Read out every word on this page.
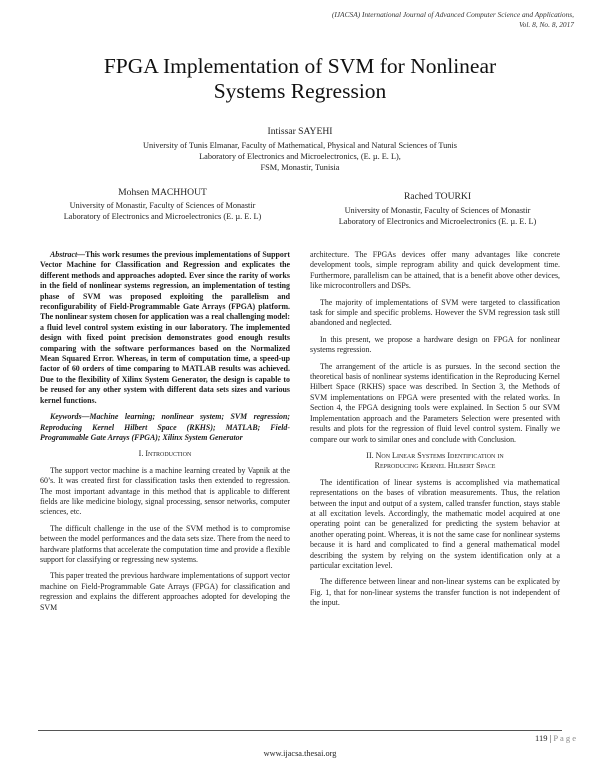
(IJACSA) International Journal of Advanced Computer Science and Applications,
Vol. 8, No. 8, 2017
FPGA Implementation of SVM for Nonlinear
Systems Regression
Intissar SAYEHI
University of Tunis Elmanar, Faculty of Mathematical, Physical and Natural Sciences of Tunis
Laboratory of Electronics and Microelectronics, (E. µ. E. L),
FSM, Monastir, Tunisia
Mohsen MACHHOUT
University of Monastir, Faculty of Sciences of Monastir
Laboratory of Electronics and Microelectronics (E. µ. E. L)
Rached TOURKI
University of Monastir, Faculty of Sciences of Monastir
Laboratory of Electronics and Microelectronics (E. µ. E. L)

Abstract—This work resumes the previous implementations of Support Vector Machine for Classification and Regression and explicates the different methods and approaches adopted. Ever since the rarity of works in the field of nonlinear systems regression, an implementation of testing phase of SVM was proposed exploiting the parallelism and reconfigurability of Field-Programmable Gate Arrays (FPGA) platform. The nonlinear system chosen for application was a real challenging model: a fluid level control system existing in our laboratory. The implemented design with fixed point precision demonstrates good enough results comparing with the software performances based on the Normalized Mean Squared Error. Whereas, in term of computation time, a speed-up factor of 60 orders of time comparing to MATLAB results was achieved. Due to the flexibility of Xilinx System Generator, the design is capable to be reused for any other system with different data sets sizes and various kernel functions.

Keywords—Machine learning; nonlinear system; SVM regression; Reproducing Kernel Hilbert Space (RKHS); MATLAB; Field-Programmable Gate Arrays (FPGA); Xilinx System Generator

I. Introduction

The support vector machine is a machine learning created by Vapnik at the 60’s. It was created first for classification tasks then extended to regression. The most important advantage in this method that is applicable to different fields are like medicine biology, signal processing, sensor networks, computer sciences, etc.

The difficult challenge in the use of the SVM method is to compromise between the model performances and the data sets size. There from the need to hardware platforms that accelerate the computation time and provide a flexible support for classifying or regressing new systems.

This paper treated the previous hardware implementations of support vector machine on Field-Programmable Gate Arrays (FPGA) for classification and regression and explains the different approaches adopted for developing the SVM

architecture. The FPGAs devices offer many advantages like concrete development tools, simple reprogram ability and quick development time. Furthermore, parallelism can be attained, that is a benefit above other devices, like microcontrollers and DSPs.

The majority of implementations of SVM were targeted to classification task for simple and specific problems. However the SVM regression task still abandoned and neglected.

In this present, we propose a hardware design on FPGA for nonlinear systems regression.

The arrangement of the article is as pursues. In the second section the theoretical basis of nonlinear systems identification in the Reproducing Kernel Hilbert Space (RKHS) space was described. In Section 3, the Methods of SVM implementations on FPGA were presented with the related works. In Section 4, the FPGA designing tools were explained. In Section 5 our SVM Implementation approach and the Parameters Selection were presented with results and plots for the regression of fluid level control system. Finally we compare our work to similar ones and conclude with Conclusion.

II. Non Linear Systems Identification in
Reproducing Kernel Hilbert Space

The identification of linear systems is accomplished via mathematical representations on the bases of vibration measurements. Thus, the relation between the input and output of a system, called transfer function, stays stable at all excitation levels. Accordingly, the mathematic model acquired at one operating point can be generalized for predicting the system behavior at another operating point. Whereas, it is not the same case for nonlinear systems because it is hard and complicated to find a general mathematical model describing the system by relying on the system identification only at a particular excitation level.

The difference between linear and non-linear systems can be explicated by Fig. 1, that for non-linear systems the transfer function is not independent of the input.

119 | P a g e
www.ijacsa.thesai.org
